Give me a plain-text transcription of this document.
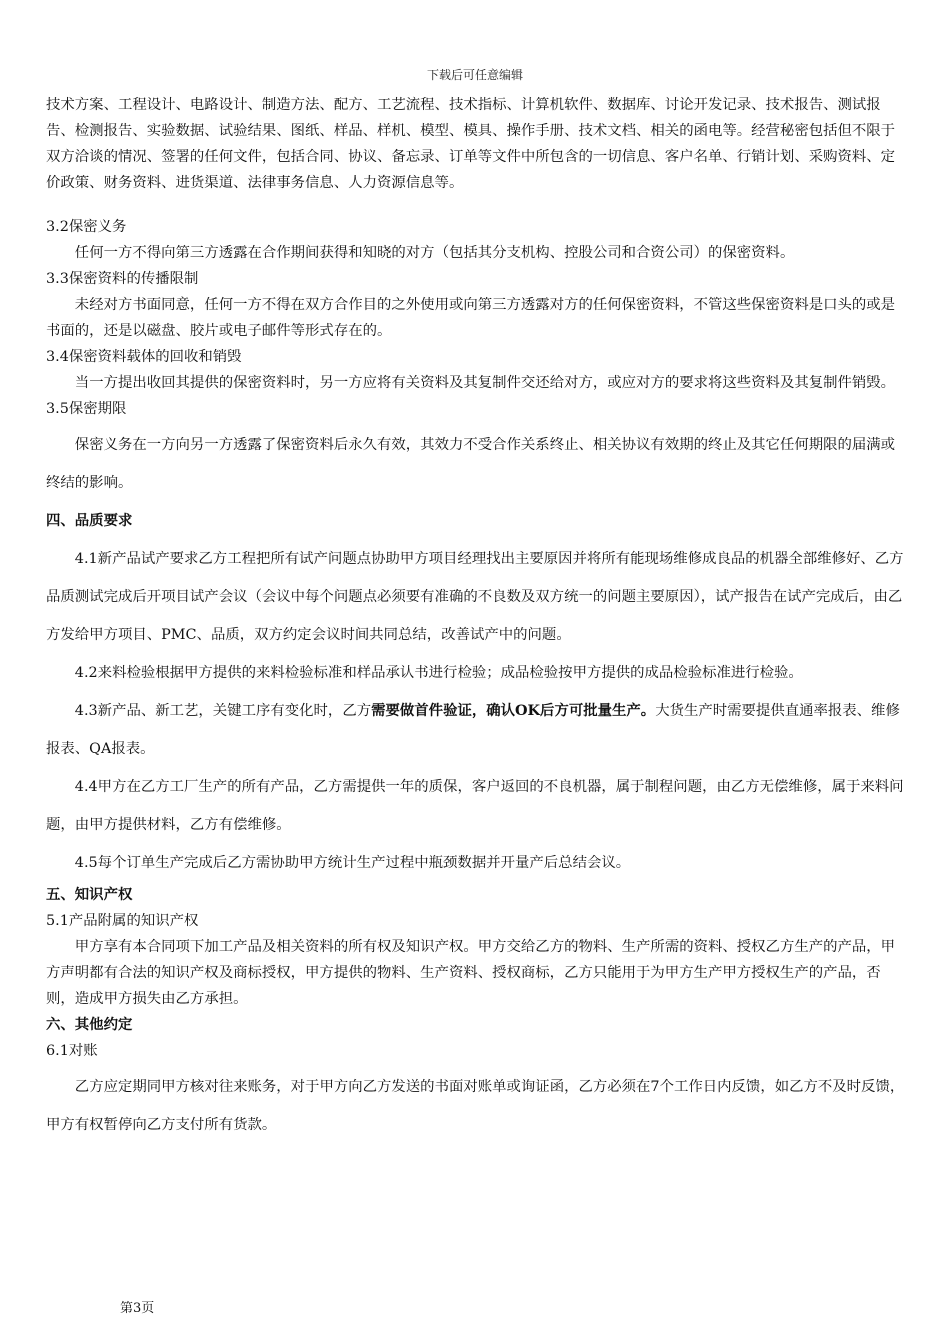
下载后可任意编辑

技术方案、工程设计、电路设计、制造方法、配方、工艺流程、技术指标、计算机软件、数据库、讨论开发记录、技术报告、测试报告、检测报告、实验数据、试验结果、图纸、样品、样机、模型、模具、操作手册、技术文档、相关的函电等。经营秘密包括但不限于双方洽谈的情况、签署的任何文件，包括合同、协议、备忘录、订单等文件中所包含的一切信息、客户名单、行销计划、采购资料、定价政策、财务资料、进货渠道、法律事务信息、人力资源信息等。

3.2保密义务

任何一方不得向第三方透露在合作期间获得和知晓的对方（包括其分支机构、控股公司和合资公司）的保密资料。

3.3保密资料的传播限制

未经对方书面同意，任何一方不得在双方合作目的之外使用或向第三方透露对方的任何保密资料，不管这些保密资料是口头的或是书面的，还是以磁盘、胶片或电子邮件等形式存在的。

3.4保密资料载体的回收和销毁

当一方提出收回其提供的保密资料时，另一方应将有关资料及其复制件交还给对方，或应对方的要求将这些资料及其复制件销毁。

3.5保密期限

保密义务在一方向另一方透露了保密资料后永久有效，其效力不受合作关系终止、相关协议有效期的终止及其它任何期限的届满或终结的影响。

四、品质要求

4.1新产品试产要求乙方工程把所有试产问题点协助甲方项目经理找出主要原因并将所有能现场维修成良品的机器全部维修好、乙方品质测试完成后开项目试产会议（会议中每个问题点必须要有准确的不良数及双方统一的问题主要原因），试产报告在试产完成后，由乙方发给甲方项目、PMC、品质，双方约定会议时间共同总结，改善试产中的问题。

4.2来料检验根据甲方提供的来料检验标准和样品承认书进行检验；成品检验按甲方提供的成品检验标准进行检验。

4.3新产品、新工艺，关键工序有变化时，乙方需要做首件验证，确认OK后方可批量生产。大货生产时需要提供直通率报表、维修报表、QA报表。

4.4甲方在乙方工厂生产的所有产品，乙方需提供一年的质保，客户返回的不良机器，属于制程问题，由乙方无偿维修，属于来料问题，由甲方提供材料，乙方有偿维修。

4.5每个订单生产完成后乙方需协助甲方统计生产过程中瓶颈数据并开量产后总结会议。

五、知识产权

5.1产品附属的知识产权

甲方享有本合同项下加工产品及相关资料的所有权及知识产权。甲方交给乙方的物料、生产所需的资料、授权乙方生产的产品，甲方声明都有合法的知识产权及商标授权，甲方提供的物料、生产资料、授权商标，乙方只能用于为甲方生产甲方授权生产的产品，否则，造成甲方损失由乙方承担。

六、其他约定

6.1对账

乙方应定期同甲方核对往来账务，对于甲方向乙方发送的书面对账单或询证函，乙方必须在7个工作日内反馈，如乙方不及时反馈，甲方有权暂停向乙方支付所有货款。

第3页
